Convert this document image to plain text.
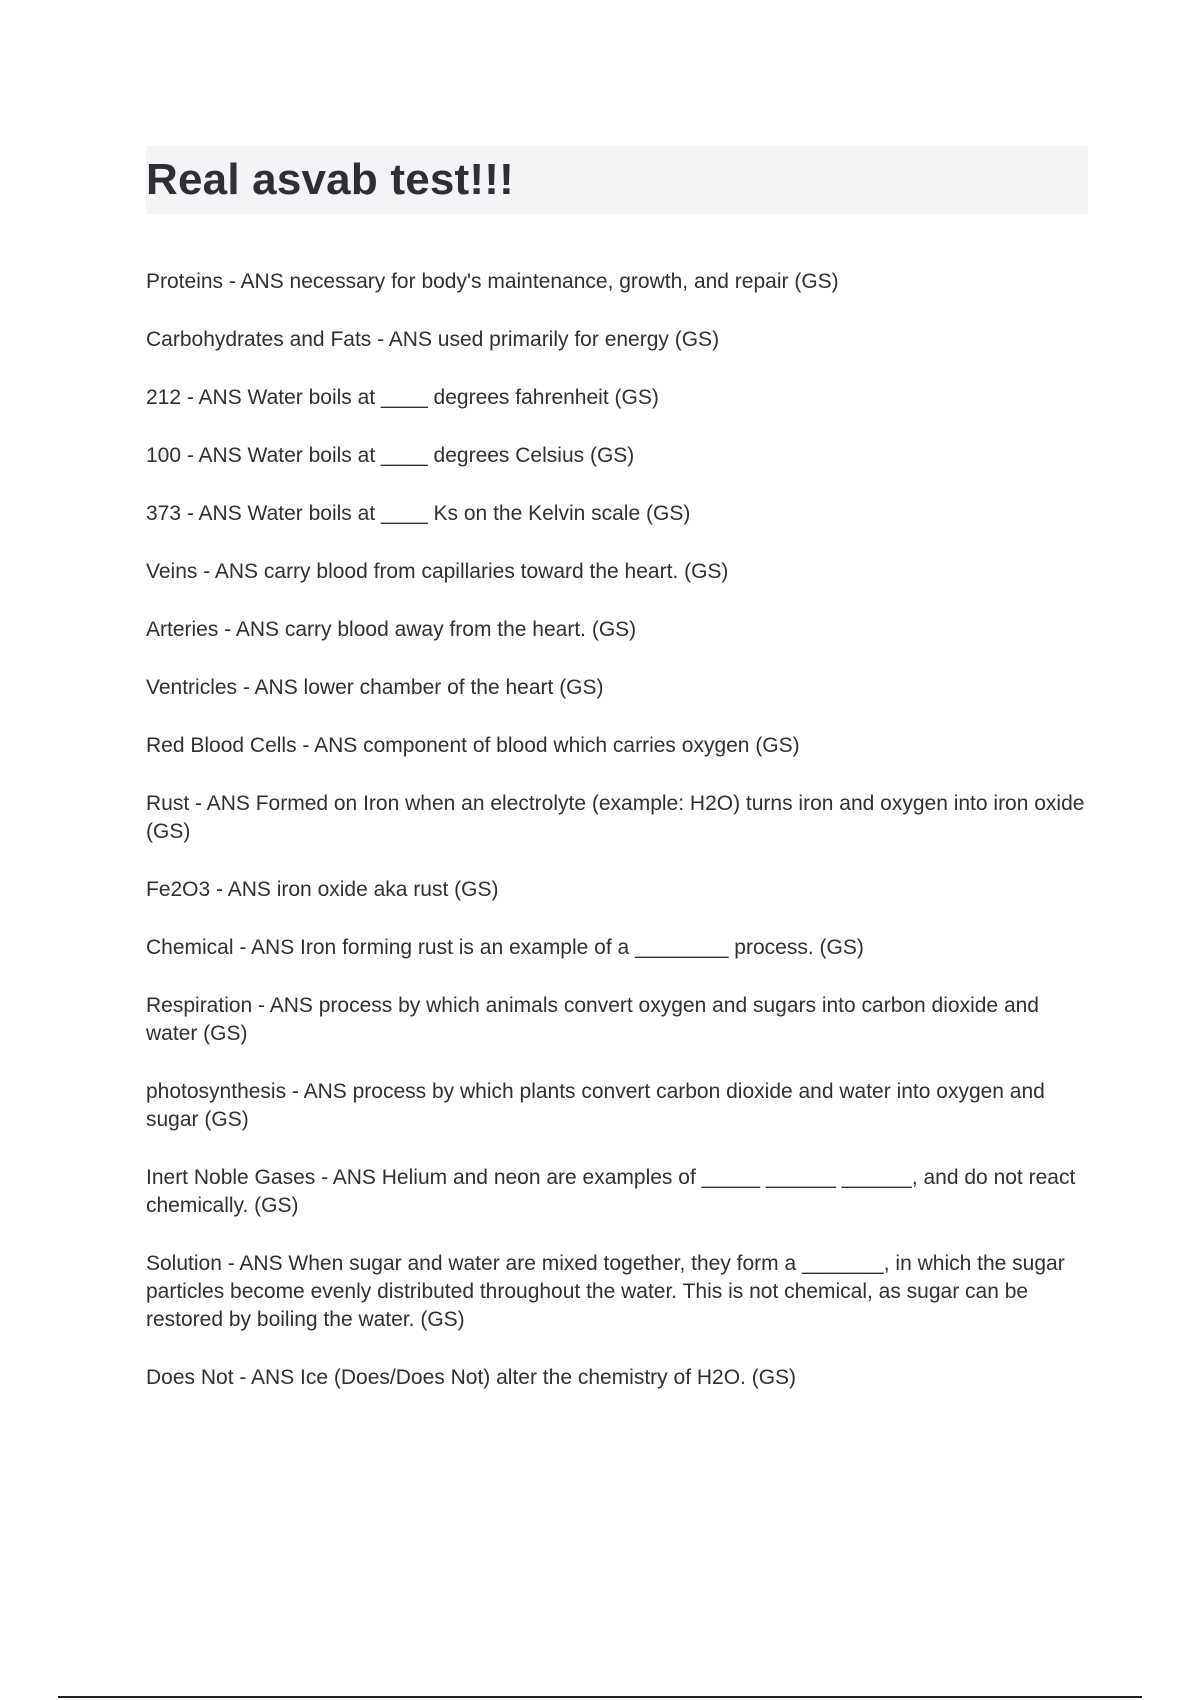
Real asvab test!!!

Proteins - ANS necessary for body's maintenance, growth, and repair (GS)

Carbohydrates and Fats - ANS used primarily for energy (GS)

212 - ANS Water boils at ____ degrees fahrenheit (GS)

100 - ANS Water boils at ____ degrees Celsius (GS)

373 - ANS Water boils at ____ Ks on the Kelvin scale (GS)

Veins - ANS carry blood from capillaries toward the heart. (GS)

Arteries - ANS carry blood away from the heart. (GS)

Ventricles - ANS lower chamber of the heart (GS)

Red Blood Cells - ANS component of blood which carries oxygen (GS)

Rust - ANS Formed on Iron when an electrolyte (example: H2O) turns iron and oxygen into iron oxide (GS)

Fe2O3 - ANS iron oxide aka rust (GS)

Chemical - ANS Iron forming rust is an example of a ________ process. (GS)

Respiration - ANS process by which animals convert oxygen and sugars into carbon dioxide and water (GS)

photosynthesis - ANS process by which plants convert carbon dioxide and water into oxygen and sugar (GS)

Inert Noble Gases - ANS Helium and neon are examples of _____ ______ ______, and do not react chemically. (GS)

Solution - ANS When sugar and water are mixed together, they form a _______, in which the sugar particles become evenly distributed throughout the water. This is not chemical, as sugar can be restored by boiling the water. (GS)

Does Not - ANS Ice (Does/Does Not) alter the chemistry of H2O. (GS)
